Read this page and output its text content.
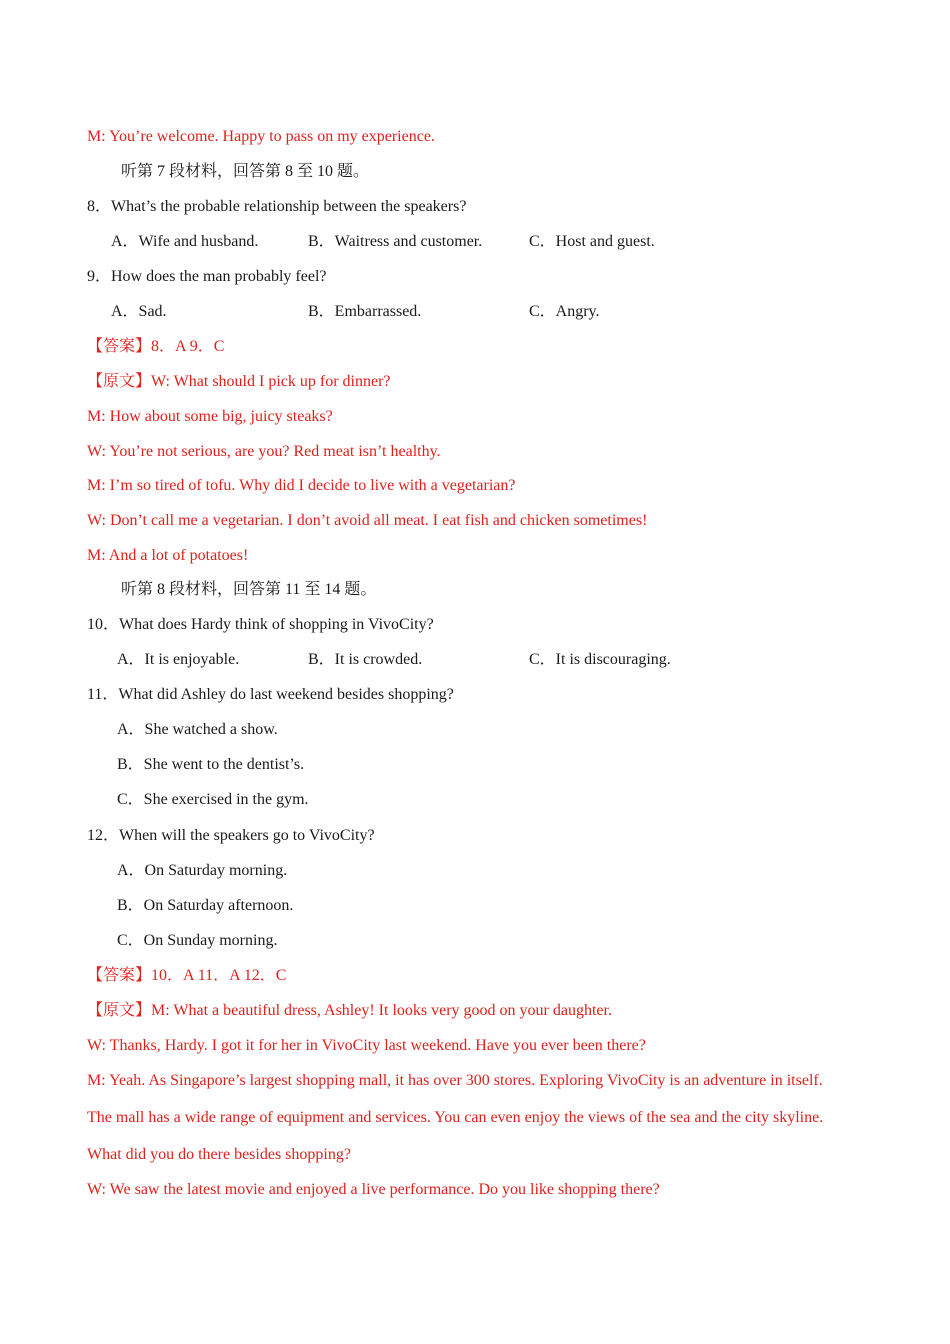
M: You’re welcome. Happy to pass on my experience.
听第 7 段材料，回答第 8 至 10 题。
8．What’s the probable relationship between the speakers?
A．Wife and husband.	B．Waitress and customer.	C．Host and guest.
9．How does the man probably feel?
A．Sad.	B．Embarrassed.	C．Angry.
【答案】8．A 9．C
【原文】W: What should I pick up for dinner?
M: How about some big, juicy steaks?
W: You’re not serious, are you? Red meat isn’t healthy.
M: I’m so tired of tofu. Why did I decide to live with a vegetarian?
W: Don’t call me a vegetarian. I don’t avoid all meat. I eat fish and chicken sometimes!
M: And a lot of potatoes!
听第 8 段材料，回答第 11 至 14 题。
10．What does Hardy think of shopping in VivoCity?
A．It is enjoyable.	B．It is crowded.	C．It is discouraging.
11．What did Ashley do last weekend besides shopping?
A．She watched a show.
B．She went to the dentist’s.
C．She exercised in the gym.
12．When will the speakers go to VivoCity?
A．On Saturday morning.
B．On Saturday afternoon.
C．On Sunday morning.
【答案】10．A 11．A 12．C
【原文】M: What a beautiful dress, Ashley! It looks very good on your daughter.
W: Thanks, Hardy. I got it for her in VivoCity last weekend. Have you ever been there?
M: Yeah. As Singapore’s largest shopping mall, it has over 300 stores. Exploring VivoCity is an adventure in itself.
The mall has a wide range of equipment and services. You can even enjoy the views of the sea and the city skyline.
What did you do there besides shopping?
W: We saw the latest movie and enjoyed a live performance. Do you like shopping there?
